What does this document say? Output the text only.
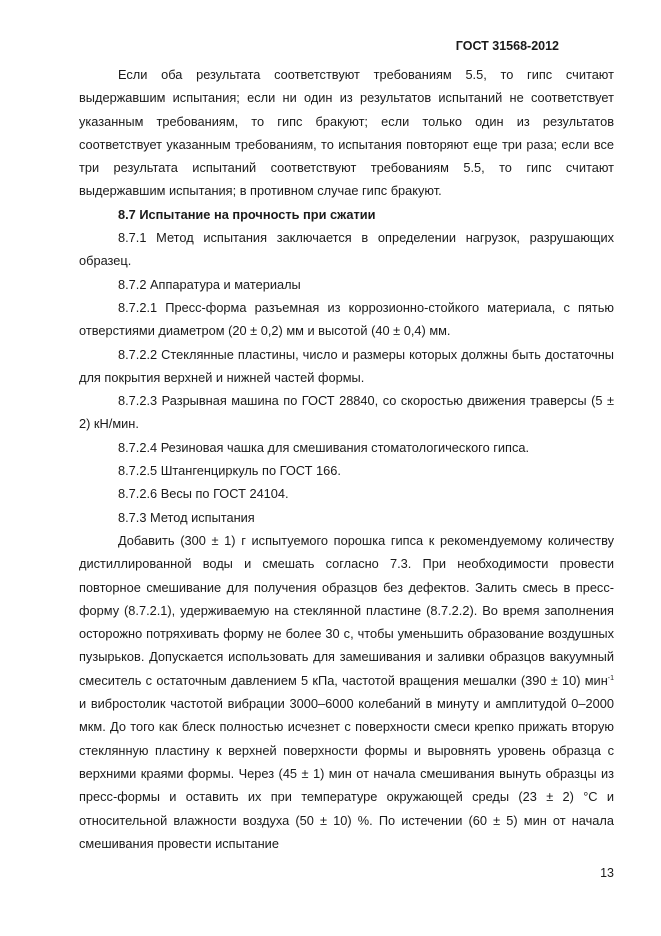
ГОСТ 31568-2012

Если оба результата соответствуют требованиям 5.5, то гипс считают выдержавшим испытания; если ни один из результатов испытаний не соответствует указанным требованиям, то гипс бракуют; если только один из результатов соответствует указанным требованиям, то испытания повторяют еще три раза; если все три результата испытаний соответствуют требованиям 5.5, то гипс считают выдержавшим испытания; в противном случае гипс бракуют.

8.7 Испытание на прочность при сжатии

8.7.1 Метод испытания заключается в определении нагрузок, разрушающих образец.

8.7.2 Аппаратура и материалы

8.7.2.1 Пресс-форма разъемная из коррозионно-стойкого материала, с пятью отверстиями диаметром (20 ± 0,2) мм и высотой (40 ± 0,4) мм.

8.7.2.2 Стеклянные пластины, число и размеры которых должны быть достаточны для покрытия верхней и нижней частей формы.

8.7.2.3 Разрывная машина по ГОСТ 28840, со скоростью движения траверсы (5 ± 2) кН/мин.

8.7.2.4 Резиновая чашка для смешивания стоматологического гипса.

8.7.2.5 Штангенциркуль по ГОСТ 166.

8.7.2.6 Весы по ГОСТ 24104.

8.7.3 Метод испытания

Добавить (300 ± 1) г испытуемого порошка гипса к рекомендуемому количеству дистиллированной воды и смешать согласно 7.3. При необходимости провести повторное смешивание для получения образцов без дефектов. Залить смесь в пресс-форму (8.7.2.1), удерживаемую на стеклянной пластине (8.7.2.2). Во время заполнения осторожно потряхивать форму не более 30 с, чтобы уменьшить образование воздушных пузырьков. Допускается использовать для замешивания и заливки образцов вакуумный смеситель с остаточным давлением 5 кПа, частотой вращения мешалки (390 ± 10) мин$^{-1}$ и вибростолик частотой вибрации 3000–6000 колебаний в минуту и амплитудой 0–2000 мкм. До того как блеск полностью исчезнет с поверхности смеси крепко прижать вторую стеклянную пластину к верхней поверхности формы и выровнять уровень образца с верхними краями формы. Через (45 ± 1) мин от начала смешивания вынуть образцы из пресс-формы и оставить их при температуре окружающей среды (23 ± 2) °С и относительной влажности воздуха (50 ± 10) %. По истечении (60 ± 5) мин от начала смешивания провести испытание

13
